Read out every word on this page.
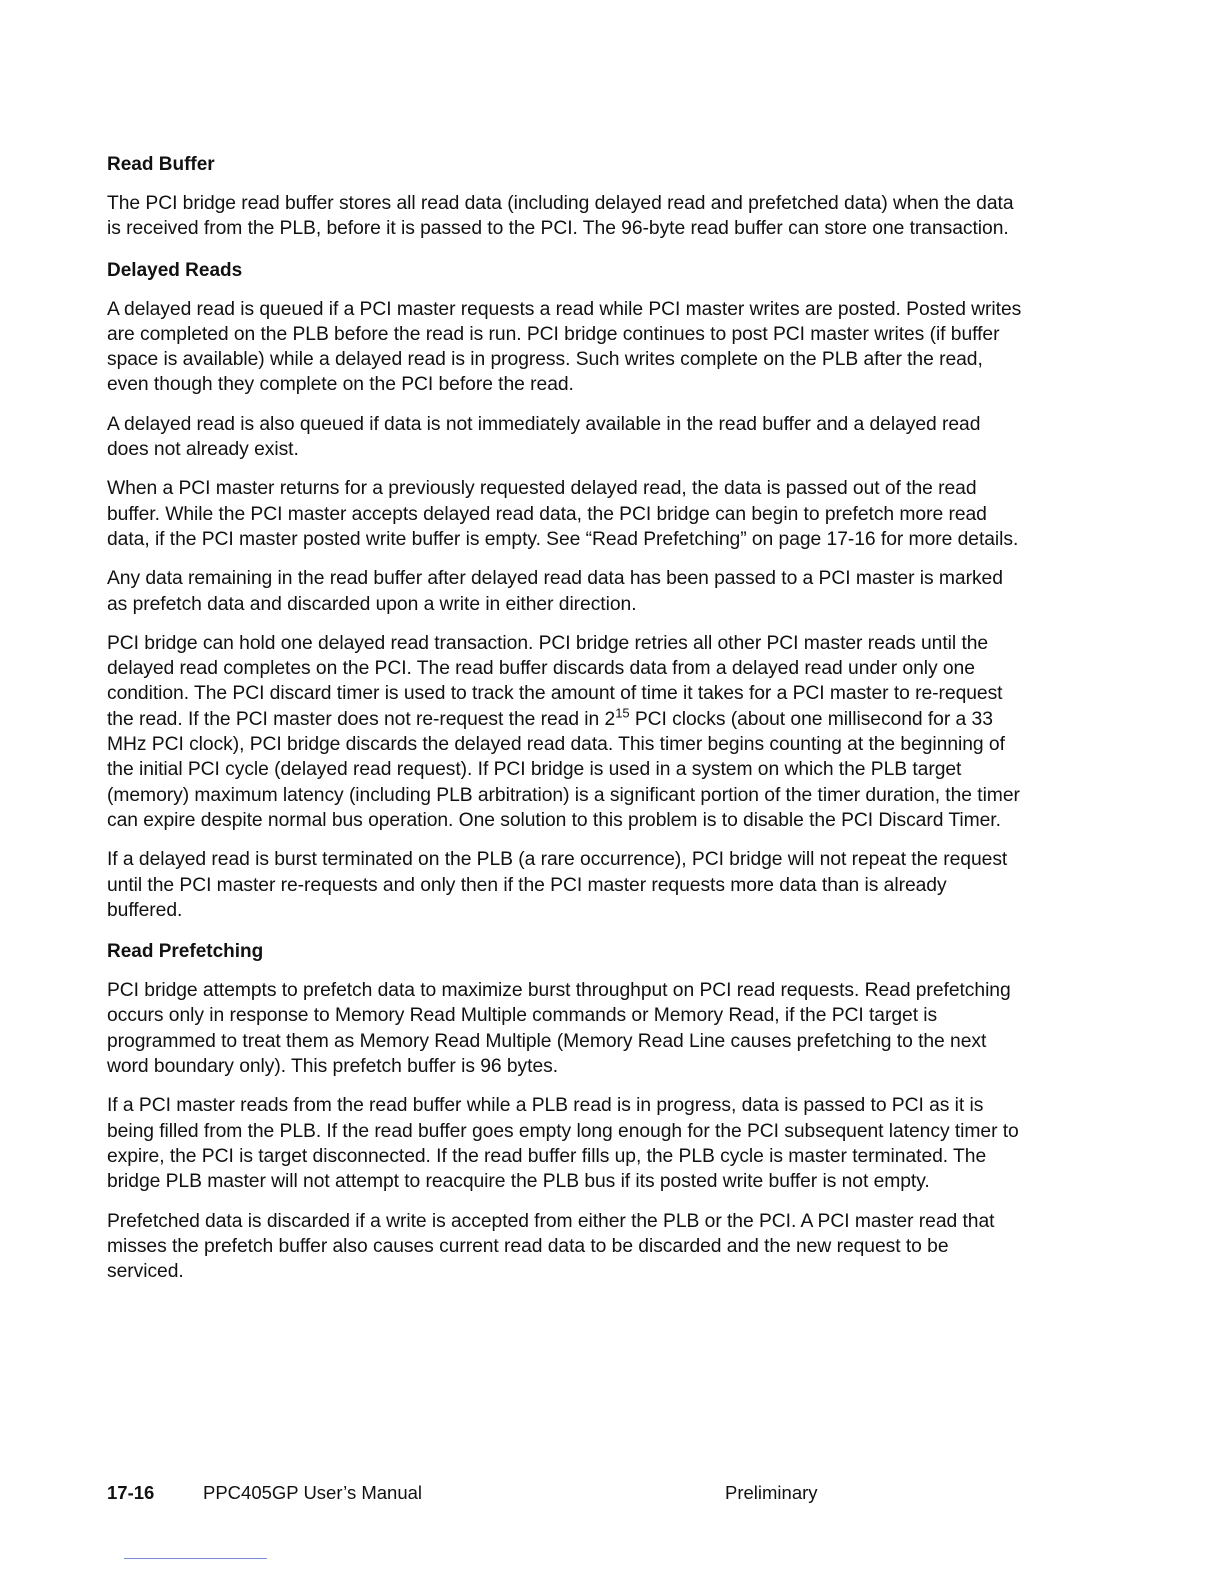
Read Buffer

The PCI bridge read buffer stores all read data (including delayed read and prefetched data) when the data is received from the PLB, before it is passed to the PCI. The 96-byte read buffer can store one transaction.

Delayed Reads

A delayed read is queued if a PCI master requests a read while PCI master writes are posted. Posted writes are completed on the PLB before the read is run. PCI bridge continues to post PCI master writes (if buffer space is available) while a delayed read is in progress. Such writes complete on the PLB after the read, even though they complete on the PCI before the read.

A delayed read is also queued if data is not immediately available in the read buffer and a delayed read does not already exist.

When a PCI master returns for a previously requested delayed read, the data is passed out of the read buffer. While the PCI master accepts delayed read data, the PCI bridge can begin to prefetch more read data, if the PCI master posted write buffer is empty. See “Read Prefetching” on page 17-16 for more details.

Any data remaining in the read buffer after delayed read data has been passed to a PCI master is marked as prefetch data and discarded upon a write in either direction.

PCI bridge can hold one delayed read transaction. PCI bridge retries all other PCI master reads until the delayed read completes on the PCI. The read buffer discards data from a delayed read under only one condition. The PCI discard timer is used to track the amount of time it takes for a PCI master to re-request the read. If the PCI master does not re-request the read in $2^{15}$ PCI clocks (about one millisecond for a 33 MHz PCI clock), PCI bridge discards the delayed read data. This timer begins counting at the beginning of the initial PCI cycle (delayed read request). If PCI bridge is used in a system on which the PLB target (memory) maximum latency (including PLB arbitration) is a significant portion of the timer duration, the timer can expire despite normal bus operation. One solution to this problem is to disable the PCI Discard Timer.

If a delayed read is burst terminated on the PLB (a rare occurrence), PCI bridge will not repeat the request until the PCI master re-requests and only then if the PCI master requests more data than is already buffered.

Read Prefetching

PCI bridge attempts to prefetch data to maximize burst throughput on PCI read requests. Read prefetching occurs only in response to Memory Read Multiple commands or Memory Read, if the PCI target is programmed to treat them as Memory Read Multiple (Memory Read Line causes prefetching to the next word boundary only). This prefetch buffer is 96 bytes.

If a PCI master reads from the read buffer while a PLB read is in progress, data is passed to PCI as it is being filled from the PLB. If the read buffer goes empty long enough for the PCI subsequent latency timer to expire, the PCI is target disconnected. If the read buffer fills up, the PLB cycle is master terminated. The bridge PLB master will not attempt to reacquire the PLB bus if its posted write buffer is not empty.

Prefetched data is discarded if a write is accepted from either the PLB or the PCI. A PCI master read that misses the prefetch buffer also causes current read data to be discarded and the new request to be serviced.

17-16	PPC405GP User’s Manual	Preliminary
